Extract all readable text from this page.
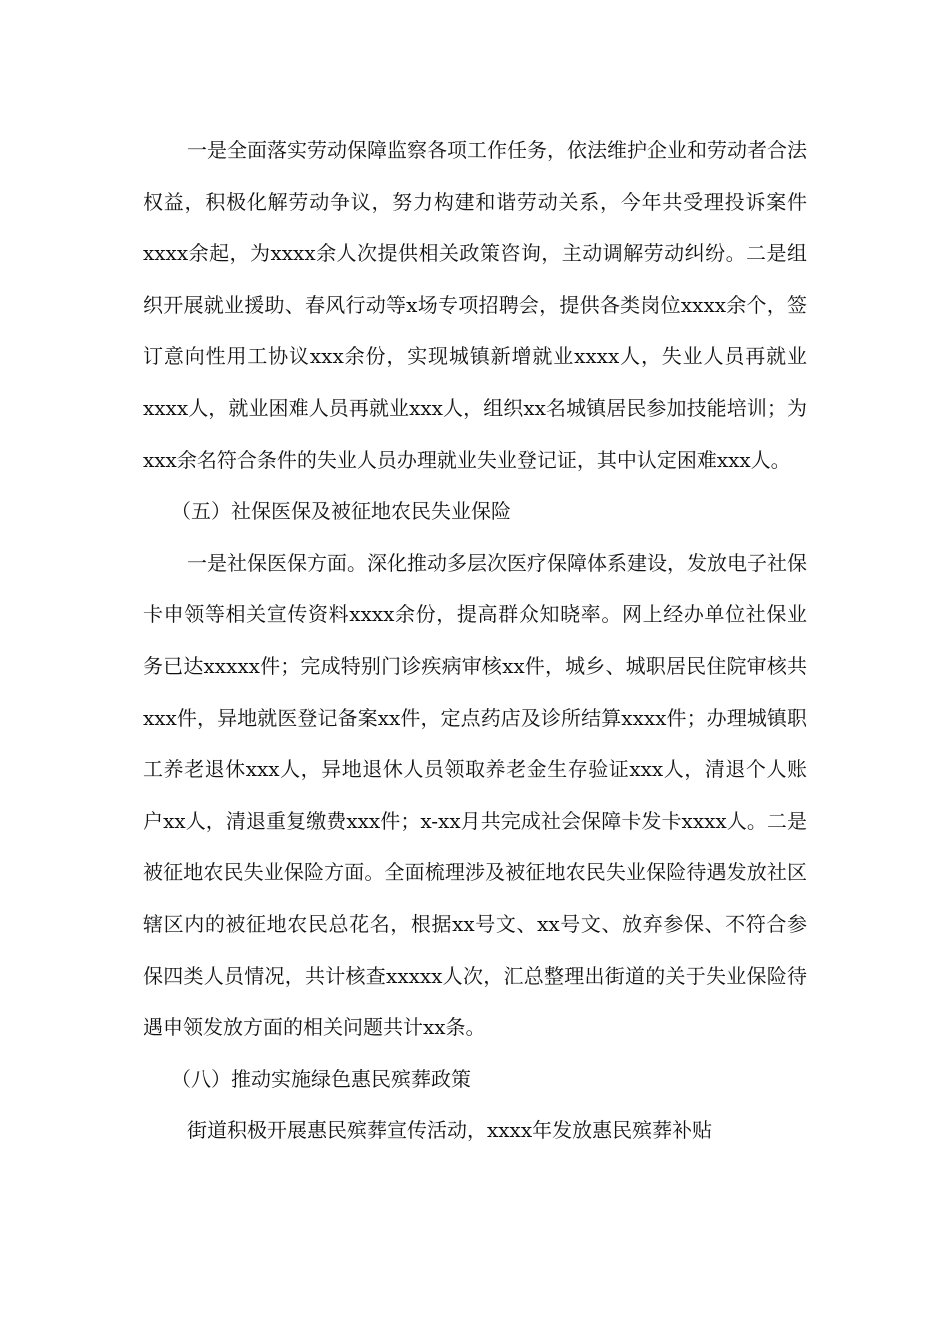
一是全面落实劳动保障监察各项工作任务，依法维护企业和劳动者合法权益，积极化解劳动争议，努力构建和谐劳动关系，今年共受理投诉案件xxxx余起，为xxxx余人次提供相关政策咨询，主动调解劳动纠纷。二是组织开展就业援助、春风行动等x场专项招聘会，提供各类岗位xxxx余个，签订意向性用工协议xxx余份，实现城镇新增就业xxxx人，失业人员再就业xxxx人，就业困难人员再就业xxx人，组织xx名城镇居民参加技能培训；为xxx余名符合条件的失业人员办理就业失业登记证，其中认定困难xxx人。

（五）社保医保及被征地农民失业保险

一是社保医保方面。深化推动多层次医疗保障体系建设，发放电子社保卡申领等相关宣传资料xxxx余份，提高群众知晓率。网上经办单位社保业务已达xxxxx件；完成特别门诊疾病审核xx件，城乡、城职居民住院审核共xxx件，异地就医登记备案xx件，定点药店及诊所结算xxxx件；办理城镇职工养老退休xxx人，异地退休人员领取养老金生存验证xxx人，清退个人账户xx人，清退重复缴费xxx件；x-xx月共完成社会保障卡发卡xxxx人。二是被征地农民失业保险方面。全面梳理涉及被征地农民失业保险待遇发放社区辖区内的被征地农民总花名，根据xx号文、xx号文、放弃参保、不符合参保四类人员情况，共计核查xxxxx人次，汇总整理出街道的关于失业保险待遇申领发放方面的相关问题共计xx条。

（八）推动实施绿色惠民殡葬政策

街道积极开展惠民殡葬宣传活动，xxxx年发放惠民殡葬补贴
